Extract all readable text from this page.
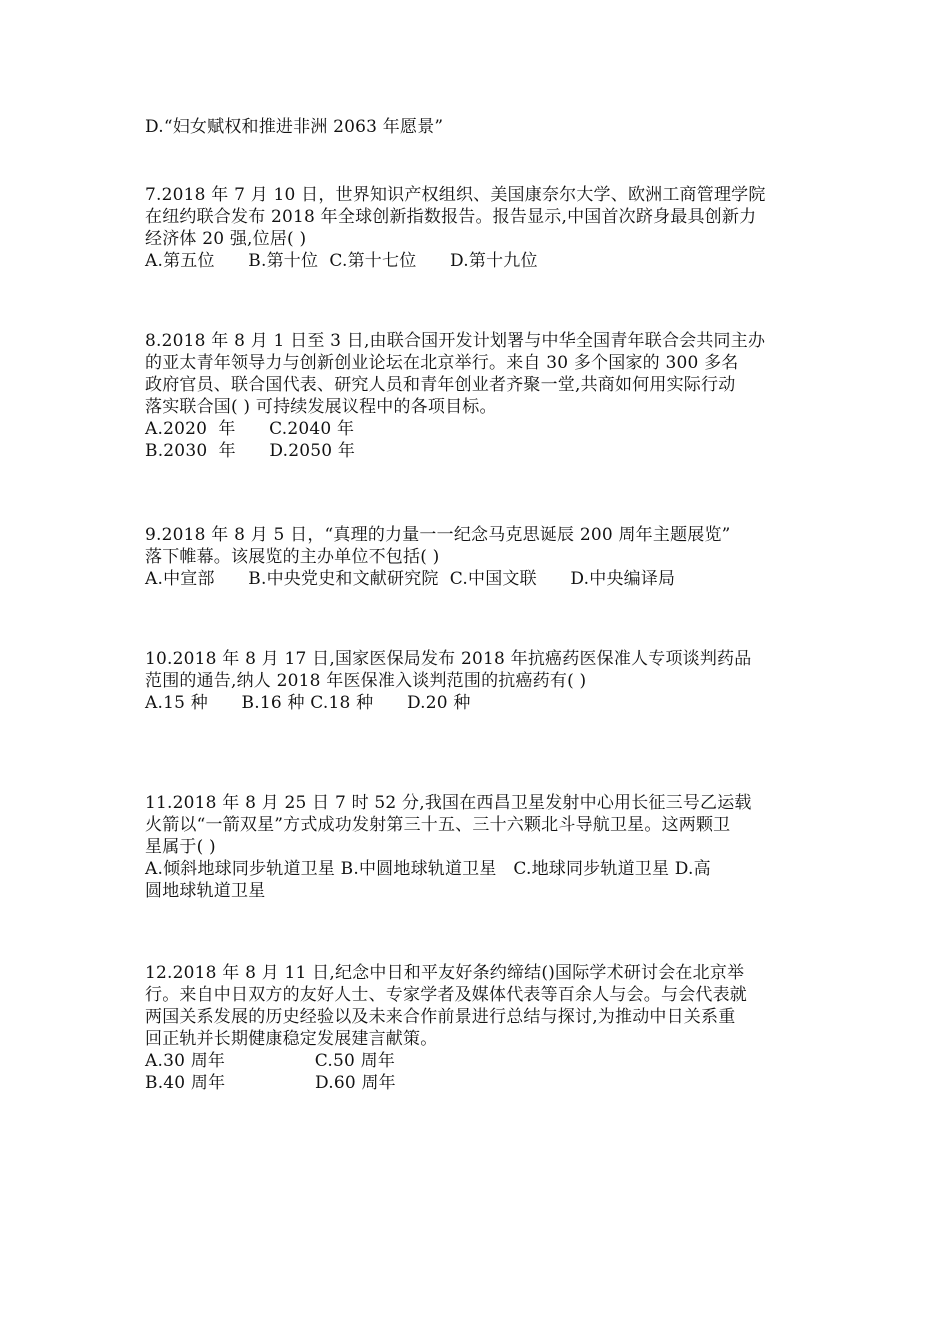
D.“妇女赋权和推进非洲 2063 年愿景”
7.2018 年 7 月 10 日，世界知识产权组织、美国康奈尔大学、欧洲工商管理学院
在纽约联合发布 2018 年全球创新指数报告。报告显示,中国首次跻身最具创新力
经济体 20 强,位居( )
A.第五位      B.第十位  C.第十七位      D.第十九位
8.2018 年 8 月 1 日至 3 日,由联合国开发计划署与中华全国青年联合会共同主办
的亚太青年领导力与创新创业论坛在北京举行。来自 30 多个国家的 300 多名
政府官员、联合国代表、研究人员和青年创业者齐聚一堂,共商如何用实际行动
落实联合国( ) 可持续发展议程中的各项目标。
A.2020  年      C.2040 年
B.2030  年      D.2050 年
9.2018 年 8 月 5 日，“真理的力量一一纪念马克思诞辰 200 周年主题展览”
落下帷幕。该展览的主办单位不包括( )
A.中宣部      B.中央党史和文献研究院  C.中国文联      D.中央编译局
10.2018 年 8 月 17 日,国家医保局发布 2018 年抗癌药医保准人专项谈判药品
范围的通告,纳人 2018 年医保准入谈判范围的抗癌药有( )
A.15 种      B.16 种 C.18 种      D.20 种
11.2018 年 8 月 25 日 7 时 52 分,我国在西昌卫星发射中心用长征三号乙运载
火箭以“一箭双星”方式成功发射第三十五、三十六颗北斗导航卫星。这两颗卫
星属于( )
A.倾斜地球同步轨道卫星 B.中圆地球轨道卫星   C.地球同步轨道卫星 D.高
圆地球轨道卫星
12.2018 年 8 月 11 日,纪念中日和平友好条约缔结()国际学术研讨会在北京举
行。来自中日双方的友好人士、专家学者及媒体代表等百余人与会。与会代表就
两国关系发展的历史经验以及未来合作前景进行总结与探讨,为推动中日关系重
回正轨并长期健康稳定发展建言献策。
A.30 周年                C.50 周年
B.40 周年                D.60 周年
